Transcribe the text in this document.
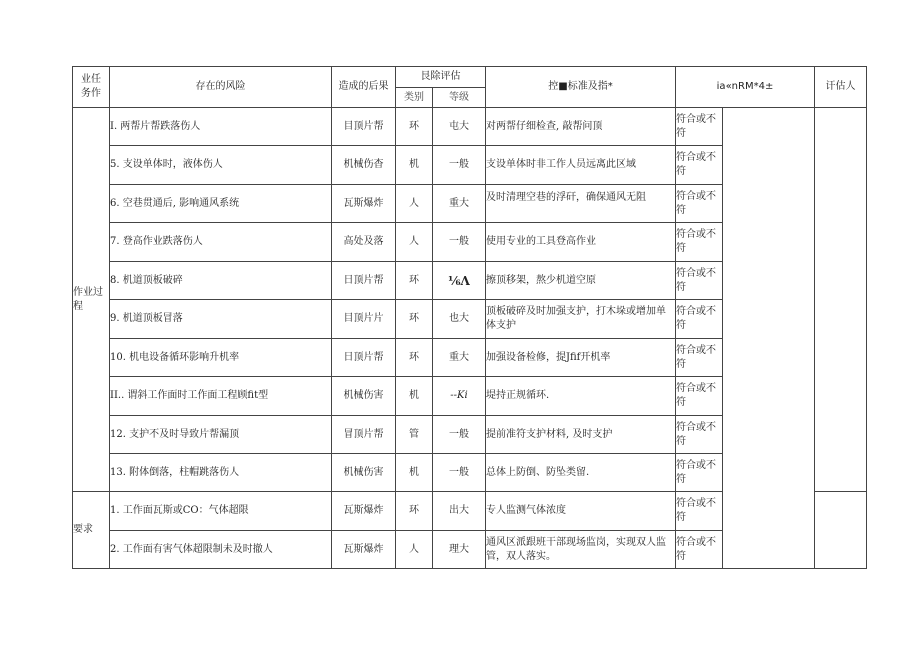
业任务作	存在的风险	造成的后果	艮除评估		控■标准及指*	ia«nRM*4±		讦估人
			类别	等级				

作业过程	I. 两帮片帮跌落伤人	目顶片帮	环	屯大	对两帮仔细检查, 敲帮问顶	符合或不符		
	5. 支设单体时，液体伤人	机械伤杳	机	一般	支设单体时非工作人员远离此区域	符合或不符		
	6. 空巷贯通后, 影响通风系统	瓦斯爆炸	人	重大	及时清理空巷的浮矸，确保通风无阻	符合或不符		
	7. 登高作业跌落伤人	高处及落	人	一般	使用专业的工具登高作业	符合或不符		
	8. 机道顶板破碎	日顶片帮	环	⅙Λ	擦顶移架，熬少机道空原	符合或不符		
	9. 机道顶板冒落	目顶片片	环	也大	顶板破碎及时加强支护，打木垛或增加单体支护	符合或不符		
	10. 机电设备循环影响升机率	日顶片帮	环	重大	加强设备检修，提Jfif开机率	符合或不符		
	II.. 谓斜工作面时工作面工程顾fit型	机械伤害	机	--Ki	堤持正规循环.	符合或不符		
	12. 支护不及时导致片帮漏顶	冒顶片帮	管	一般	提前准符支护材料, 及时支护	符合或不符		
	13. 附体倒落，柱帽跳落伤人	机械伤害	机	一般	总体上防倒、防坠类留.	符合或不符		
要求	1. 工作面瓦斯或CO：气体超限	瓦斯爆炸	环	出大	专人监测气体浓度	符合或不符		
	2. 工作面有害气体超限制未及时撤人	瓦斯爆炸	人	理大	通风区派跟班干部现场监岗，实现双人监管，双人落实。	符合或不符		
